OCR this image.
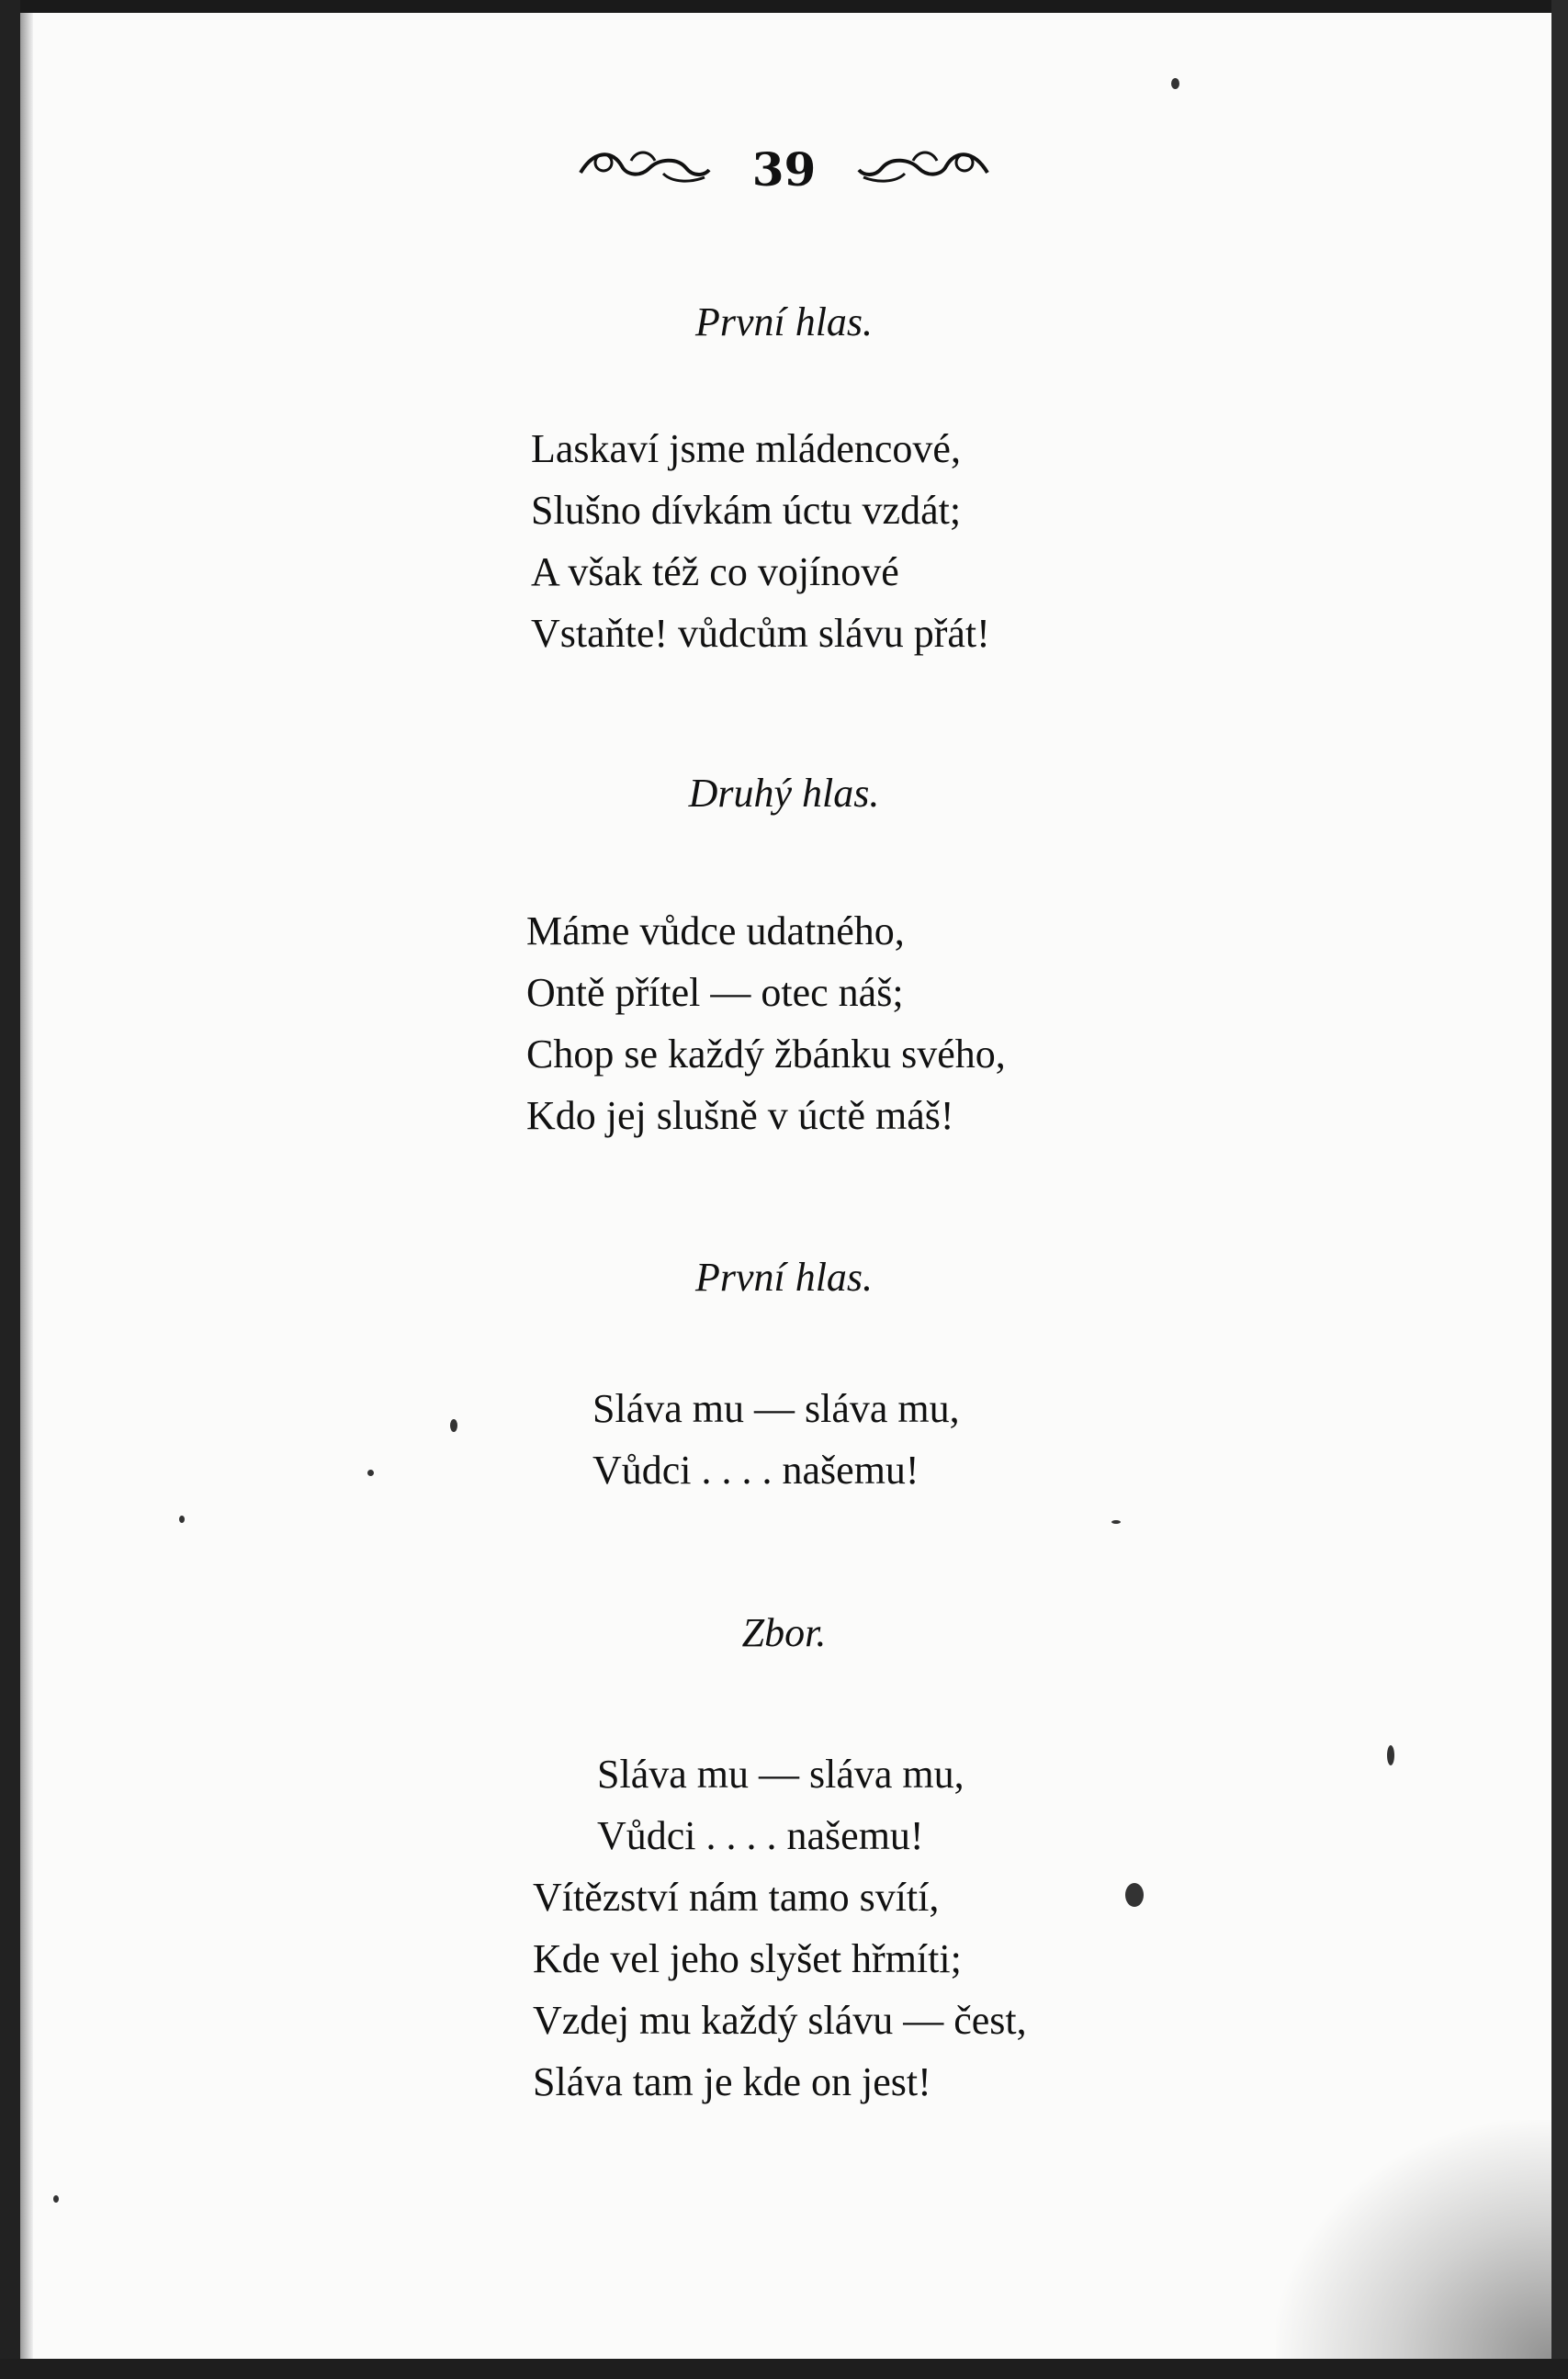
39
První hlas.
Laskaví jsme mládencové,
Slušno dívkám úctu vzdát;
A však též co vojínové
Vstaňte! vůdcům slávu přát!
Druhý hlas.
Máme vůdce udatného,
Ontě přítel — otec náš;
Chop se každý žbánku svého,
Kdo jej slušně v úctě máš!
První hlas.
Sláva mu — sláva mu,
Vůdci . . . . našemu!
Zbor.
Sláva mu — sláva mu,
Vůdci . . . . našemu!
Vítězství nám tamo svítí,
Kde vel jeho slyšet hřmíti;
Vzdej mu každý slávu — čest,
Sláva tam je kde on jest!
